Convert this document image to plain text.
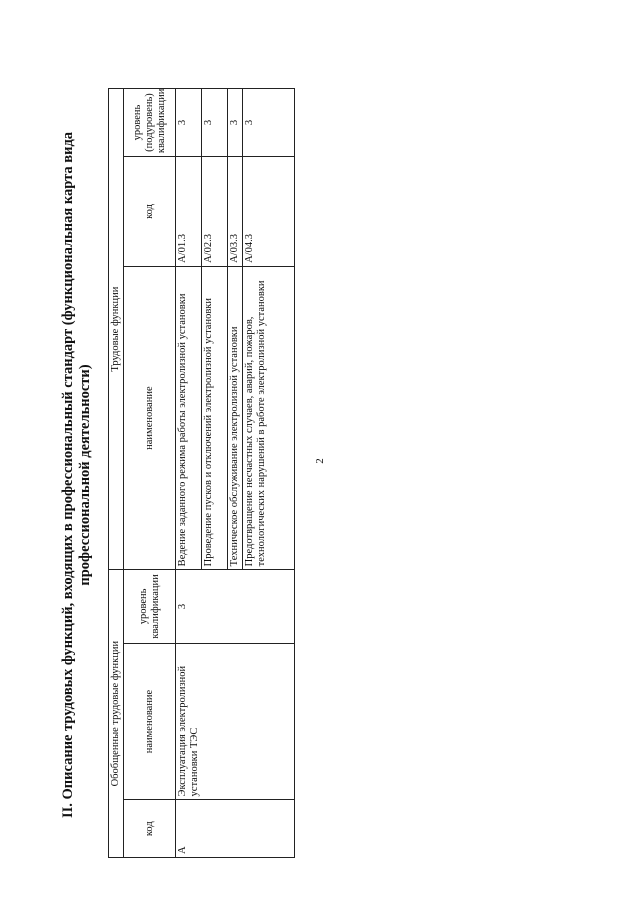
2
II. Описание трудовых функций, входящих в профессиональный стандарт (функциональная карта вида профессиональной деятельности)
Обобщенные трудовые функции			Трудовые функции		
код	наименование	уровень квалификации	наименование	код	уровень (подуровень) квалификации
А	Эксплуатация электролизной установки ТЭС	3	Ведение заданного режима работы электролизной установки	А/01.3	3
			Проведение пусков и отключений электролизной установки	А/02.3	3
			Техническое обслуживание электролизной установки	А/03.3	3
			Предотвращение несчастных случаев, аварий, пожаров, технологических нарушений в работе электролизной установки	А/04.3	3
